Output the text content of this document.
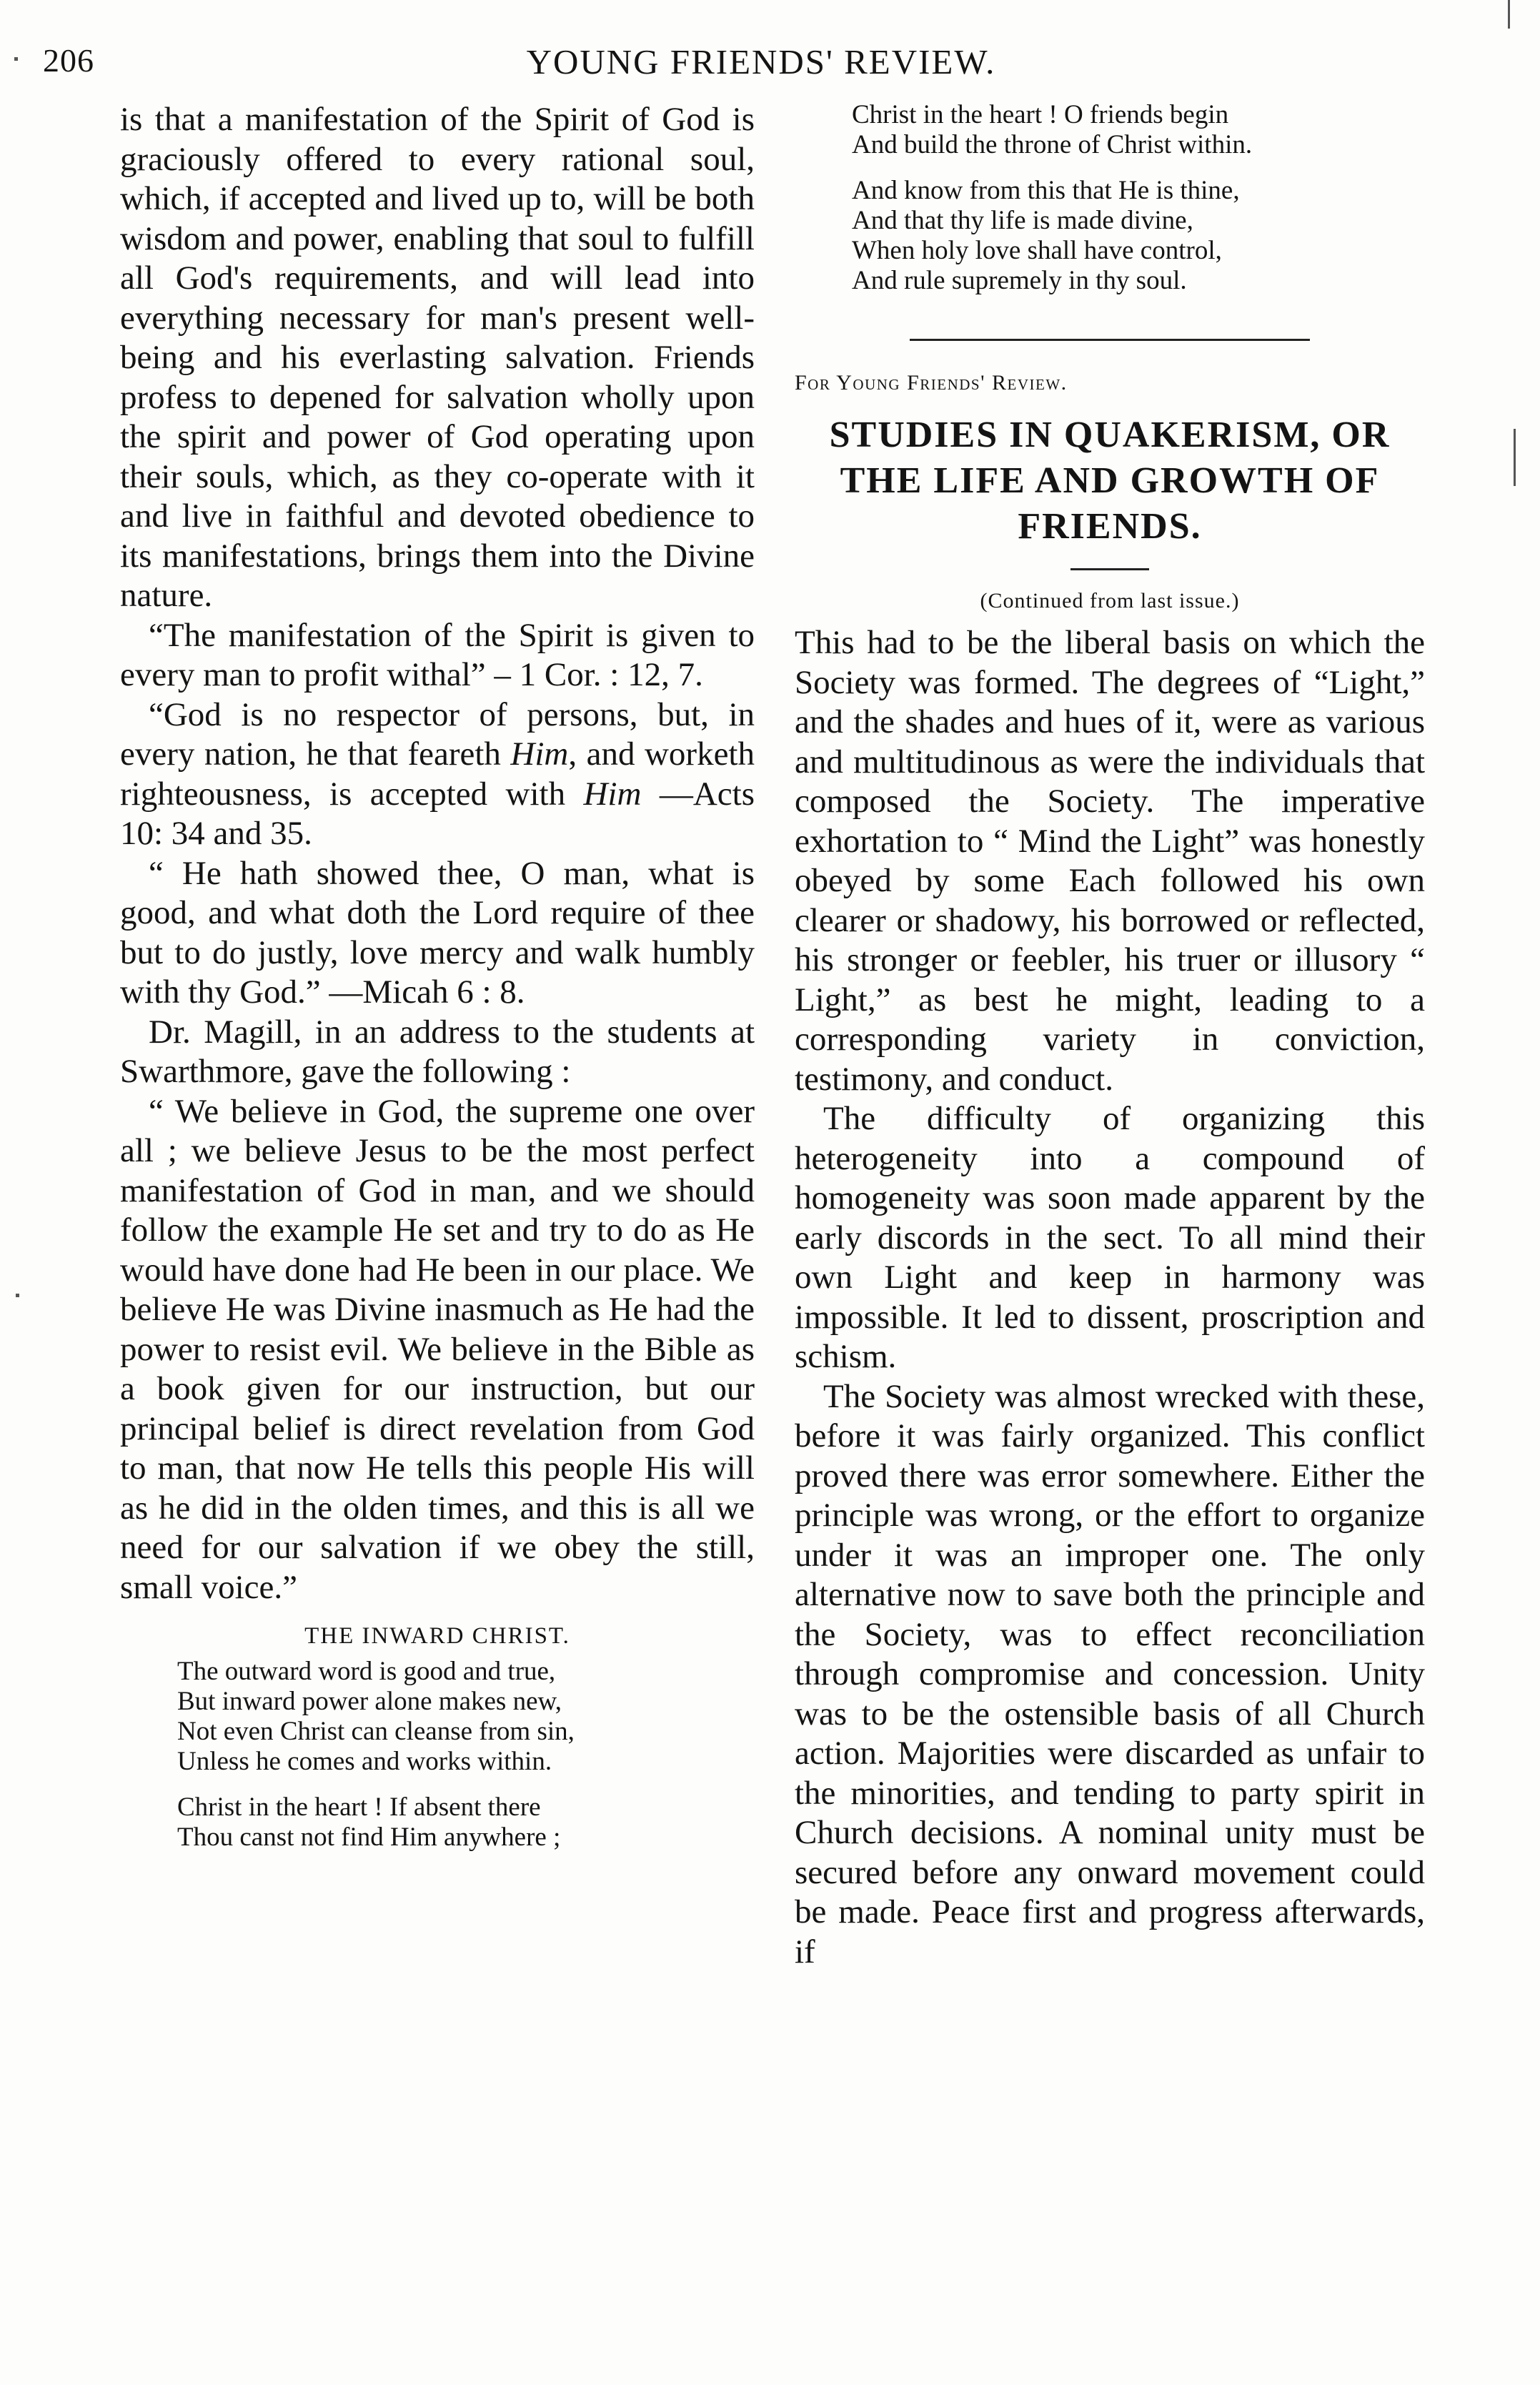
206	YOUNG FRIENDS' REVIEW.

is that a manifestation of the Spirit of God is graciously offered to every rational soul, which, if accepted and lived up to, will be both wisdom and power, enabling that soul to fulfill all God's requirements, and will lead into everything necessary for man's present well-being and his everlasting salvation. Friends profess to depened for salvation wholly upon the spirit and power of God operating upon their souls, which, as they co-operate with it and live in faithful and devoted obedience to its manifestations, brings them into the Divine nature.

“The manifestation of the Spirit is given to every man to profit withal” – 1 Cor. : 12, 7.

“God is no respector of persons, but, in every nation, he that feareth Him, and worketh righteousness, is accepted with Him —Acts 10: 34 and 35.

“ He hath showed thee, O man, what is good, and what doth the Lord require of thee but to do justly, love mercy and walk humbly with thy God.” —Micah 6 : 8.

Dr. Magill, in an address to the students at Swarthmore, gave the following :

“ We believe in God, the supreme one over all ; we believe Jesus to be the most perfect manifestation of God in man, and we should follow the example He set and try to do as He would have done had He been in our place. We believe He was Divine inasmuch as He had the power to resist evil. We believe in the Bible as a book given for our instruction, but our principal belief is direct revelation from God to man, that now He tells this people His will as he did in the olden times, and this is all we need for our salvation if we obey the still, small voice.”

THE INWARD CHRIST.
The outward word is good and true,
But inward power alone makes new,
Not even Christ can cleanse from sin,
Unless he comes and works within.
Christ in the heart ! If absent there
Thou canst not find Him anywhere ;
Christ in the heart ! O friends begin
And build the throne of Christ within.
And know from this that He is thine,
And that thy life is made divine,
When holy love shall have control,
And rule supremely in thy soul.

For Young Friends' Review.

STUDIES IN QUAKERISM, OR THE LIFE AND GROWTH OF FRIENDS.

(Continued from last issue.)

This had to be the liberal basis on which the Society was formed. The degrees of “Light,” and the shades and hues of it, were as various and multitudinous as were the individuals that composed the Society. The imperative exhortation to “ Mind the Light” was honestly obeyed by some Each followed his own clearer or shadowy, his borrowed or reflected, his stronger or feebler, his truer or illusory “ Light,” as best he might, leading to a corresponding variety in conviction, testimony, and conduct.

The difficulty of organizing this heterogeneity into a compound of homogeneity was soon made apparent by the early discords in the sect. To all mind their own Light and keep in harmony was impossible. It led to dissent, proscription and schism.

The Society was almost wrecked with these, before it was fairly organized. This conflict proved there was error somewhere. Either the principle was wrong, or the effort to organize under it was an improper one. The only alternative now to save both the principle and the Society, was to effect reconciliation through compromise and concession. Unity was to be the ostensible basis of all Church action. Majorities were discarded as unfair to the minorities, and tending to party spirit in Church decisions. A nominal unity must be secured before any onward movement could be made. Peace first and progress afterwards, if
